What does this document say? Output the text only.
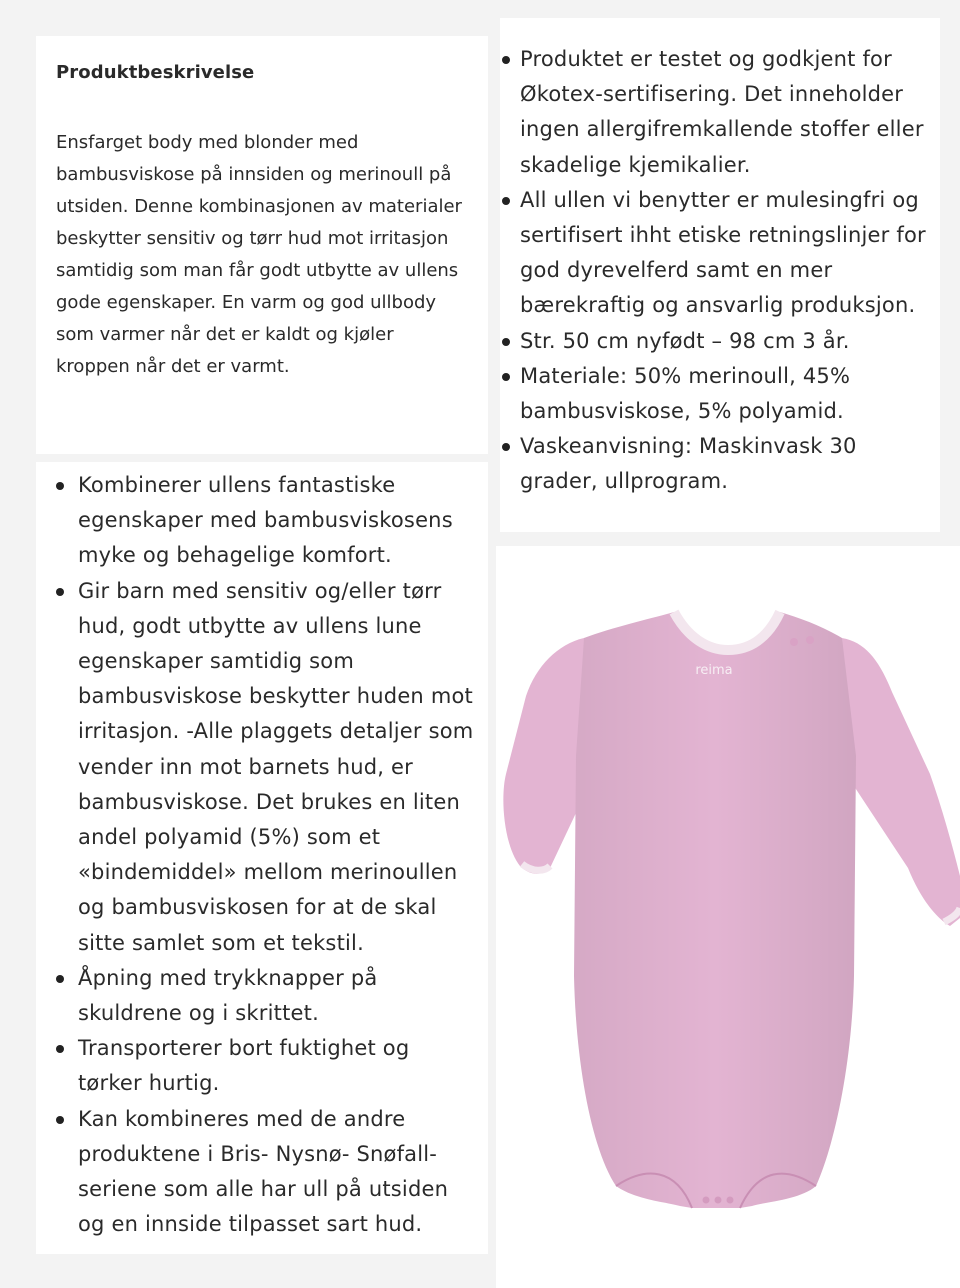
Produktbeskrivelse

Ensfarget body med blonder med bambusviskose på innsiden og merinoull på utsiden. Denne kombinasjonen av materialer beskytter sensitiv og tørr hud mot irritasjon samtidig som man får godt utbytte av ullens gode egenskaper. En varm og god ullbody som varmer når det er kaldt og kjøler kroppen når det er varmt.

Kombinerer ullens fantastiske egenskaper med bambusviskosens myke og behagelige komfort.
Gir barn med sensitiv og/eller tørr hud, godt utbytte av ullens lune egenskaper samtidig som bambusviskose beskytter huden mot irritasjon. -Alle plaggets detaljer som vender inn mot barnets hud, er bambusviskose. Det brukes en liten andel polyamid (5%) som et «bindemiddel» mellom merinoullen og bambusviskosen for at de skal sitte samlet som et tekstil.
Åpning med trykknapper på skuldrene og i skrittet.
Transporterer bort fuktighet og tørker hurtig.
Kan kombineres med de andre produktene i Bris- Nysnø- Snøfall-seriene som alle har ull på utsiden og en innside tilpasset sart hud.
Produktet er testet og godkjent for Økotex-sertifisering. Det inneholder ingen allergifremkallende stoffer eller skadelige kjemikalier.
All ullen vi benytter er mulesingfri og sertifisert ihht etiske retningslinjer for god dyrevelferd samt en mer bærekraftig og ansvarlig produksjon.
Str. 50 cm nyfødt – 98 cm 3 år.
Materiale: 50% merinoull, 45% bambusviskose, 5% polyamid.
Vaskeanvisning: Maskinvask 30 grader, ullprogram.
reima
